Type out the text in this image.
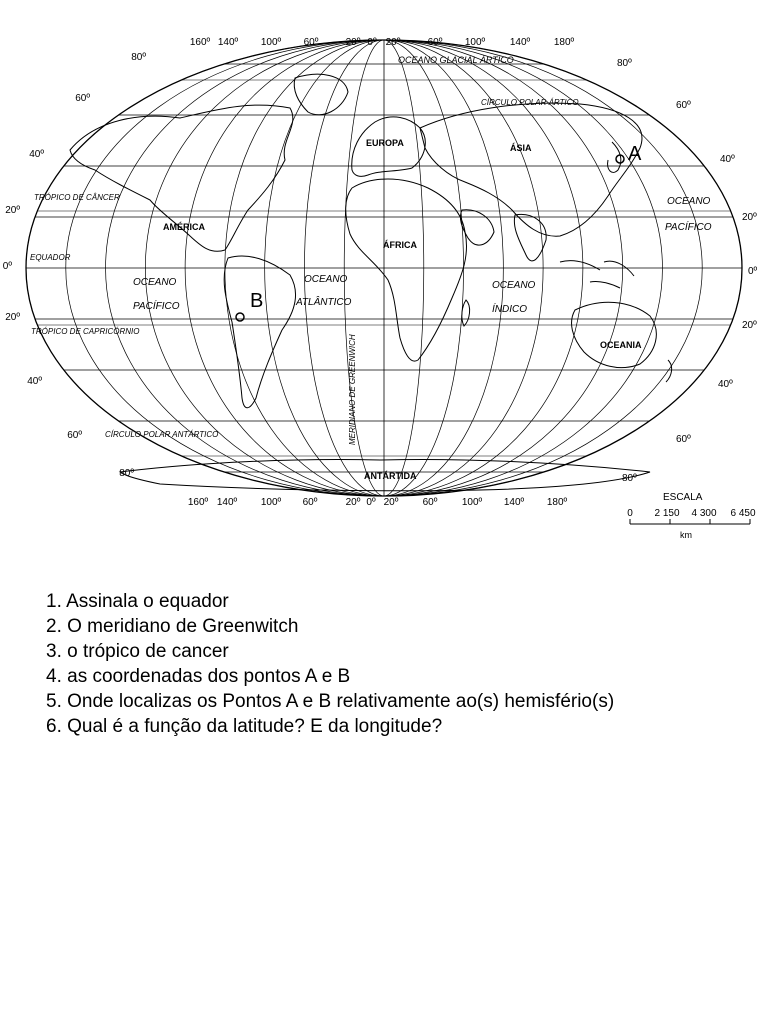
160º 140º 100º 60º	20º 0º 20º	60º 100º 140º 180º
160º 140º 100º 60º	20º 0º 20º 60º 100º 140º 180º
80º
60º
40º
20º
0º
20º
40º
60º
80º
80º
60º
40º
20º
0º
20º
40º
60º
80º
OCEANO GLACIAL ÁRTICO
CÍRCULO POLAR ÁRTICO
TRÓPICO DE CÂNCER
EQUADOR
TRÓPICO DE CAPRICÓRNIO
CÍRCULO POLAR ANTÁRTICO	MERIDIANO DE GREENWICH
EUROPA	ÁSIA
AMÉRICA
ÁFRICA
OCEANIA
ANTÁRTIDA
OCEANO
PACÍFICO
OCEANO
ATLÂNTICO
OCEANO
ÍNDICO
OCEANO
PACÍFICO
A
B
ESCALA
0 2 150 4 300 6 450
km
1. Assinala o equador
2. O meridiano de Greenwitch
3. o trópico de cancer
4. as coordenadas dos pontos A e B
5. Onde localizas os Pontos A e B relativamente ao(s) hemisfério(s)
6. Qual é a função da latitude? E da longitude?
